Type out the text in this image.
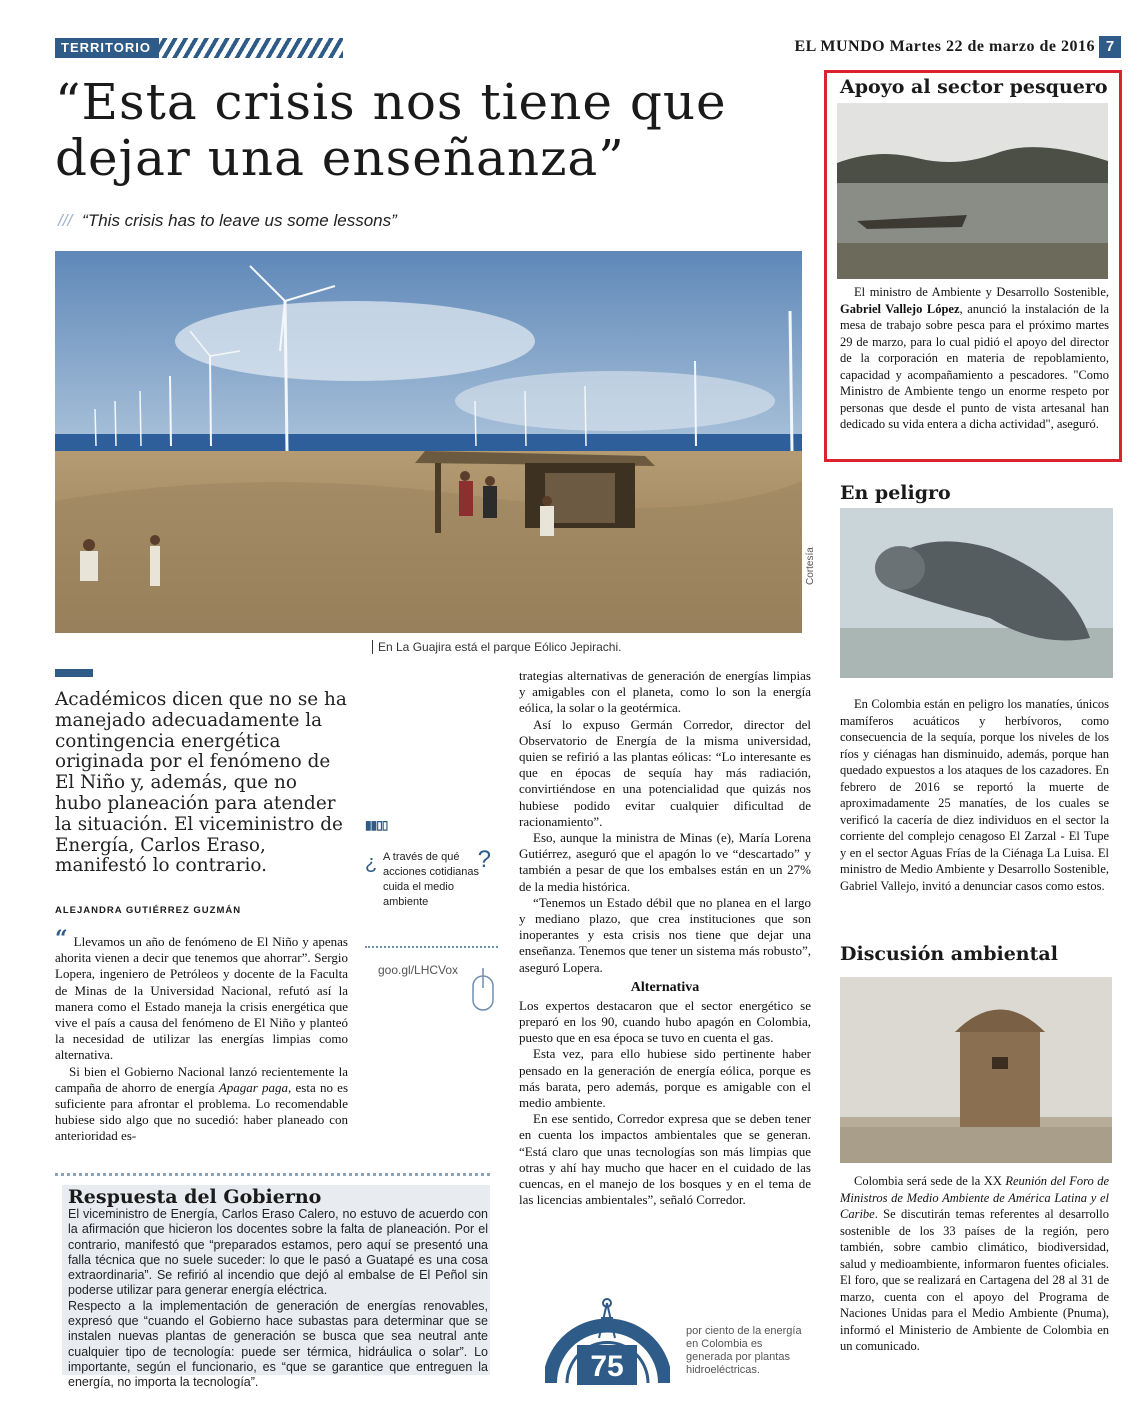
TERRITORIO	EL MUNDO Martes 22 de marzo de 2016 7
“Esta crisis nos tiene que dejar una enseñanza”
/// “This crisis has to leave us some lessons”
Cortesía
En La Guajira está el parque Eólico Jepirachi.
Académicos dicen que no se ha manejado adecuadamente la contingencia energética originada por el fenómeno de El Niño y, además, que no hubo planeación para atender la situación. El viceministro de Energía, Carlos Eraso, manifestó lo contrario.
ALEJANDRA GUTIÉRREZ GUZMÁN

“ Llevamos un año de fenómeno de El Niño y apenas ahorita vienen a decir que tenemos que ahorrar”. Sergio Lopera, ingeniero de Petróleos y docente de la Faculta de Minas de la Universidad Nacional, refutó así la manera como el Estado maneja la crisis energética que vive el país a causa del fenómeno de El Niño y planteó la necesidad de utilizar las energías limpias como alternativa.

Si bien el Gobierno Nacional lanzó recientemente la campaña de ahorro de energía Apagar paga, esta no es suficiente para afrontar el problema. Lo recomendable hubiese sido algo que no sucedió: haber planeado con anterioridad es-

trategias alternativas de generación de energías limpias y amigables con el planeta, como lo son la energía eólica, la solar o la geotérmica.

Así lo expuso Germán Corredor, director del Observatorio de Energía de la misma universidad, quien se refirió a las plantas eólicas: “Lo interesante es que en épocas de sequía hay más radiación, convirtiéndose en una potencialidad que quizás nos hubiese podido evitar cualquier dificultad de racionamiento”.

Eso, aunque la ministra de Minas (e), María Lorena Gutiérrez, aseguró que el apagón lo ve “descartado” y también a pesar de que los embalses están en un 27% de la media histórica.

“Tenemos un Estado débil que no planea en el largo y mediano plazo, que crea instituciones que son inoperantes y esta crisis nos tiene que dejar una enseñanza. Tenemos que tener un sistema más robusto”, aseguró Lopera.

Alternativa

Los expertos destacaron que el sector energético se preparó en los 90, cuando hubo apagón en Colombia, puesto que en esa época se tuvo en cuenta el gas.

Esta vez, para ello hubiese sido pertinente haber pensado en la generación de energía eólica, porque es más barata, pero además, porque es amigable con el medio ambiente.

En ese sentido, Corredor expresa que se deben tener en cuenta los impactos ambientales que se generan. “Está claro que unas tecnologías son más limpias que otras y ahí hay mucho que hacer en el cuidado de las cuencas, en el manejo de los bosques y en el tema de las licencias ambientales”, señaló Corredor.

▮▮▯▯
¿ A través de qué acciones cotidianas cuida el medio ambiente
?
goo.gl/LHCVox
Respuesta del Gobierno

El viceministro de Energía, Carlos Eraso Calero, no estuvo de acuerdo con la afirmación que hicieron los docentes sobre la falta de planeación. Por el contrario, manifestó que “preparados estamos, pero aquí se presentó una falla técnica que no suele suceder: lo que le pasó a Guatapé es una cosa extraordinaria”. Se refirió al incendio que dejó al embalse de El Peñol sin poderse utilizar para generar energía eléctrica.

Respecto a la implementación de generación de energías renovables, expresó que “cuando el Gobierno hace subastas para determinar que se instalen nuevas plantas de generación se busca que sea neutral ante cualquier tipo de tecnología: puede ser térmica, hidráulica o solar”. Lo importante, según el funcionario, es “que se garantice que entreguen la energía, no importa la tecnología”.	75
por ciento de la energía en Colombia es generada por plantas hidroeléctricas.
Apoyo al sector pesquero

El ministro de Ambiente y Desarrollo Sostenible, Gabriel Vallejo López, anunció la instalación de la mesa de trabajo sobre pesca para el próximo martes 29 de marzo, para lo cual pidió el apoyo del director de la corporación en materia de repoblamiento, capacidad y acompañamiento a pescadores. "Como Ministro de Ambiente tengo un enorme respeto por personas que desde el punto de vista artesanal han dedicado su vida entera a dicha actividad", aseguró.

En peligro

En Colombia están en peligro los manatíes, únicos mamíferos acuáticos y herbívoros, como consecuencia de la sequía, porque los niveles de los ríos y ciénagas han disminuido, además, porque han quedado expuestos a los ataques de los cazadores. En febrero de 2016 se reportó la muerte de aproximadamente 25 manatíes, de los cuales se verificó la cacería de diez individuos en el sector la corriente del complejo cenagoso El Zarzal - El Tupe y en el sector Aguas Frías de la Ciénaga La Luisa. El ministro de Medio Ambiente y Desarrollo Sostenible, Gabriel Vallejo, invitó a denunciar casos como estos.

Discusión ambiental

Colombia será sede de la XX Reunión del Foro de Ministros de Medio Ambiente de América Latina y el Caribe. Se discutirán temas referentes al desarrollo sostenible de los 33 países de la región, pero también, sobre cambio climático, biodiversidad, salud y medioambiente, informaron fuentes oficiales. El foro, que se realizará en Cartagena del 28 al 31 de marzo, cuenta con el apoyo del Programa de Naciones Unidas para el Medio Ambiente (Pnuma), informó el Ministerio de Ambiente de Colombia en un comunicado.
